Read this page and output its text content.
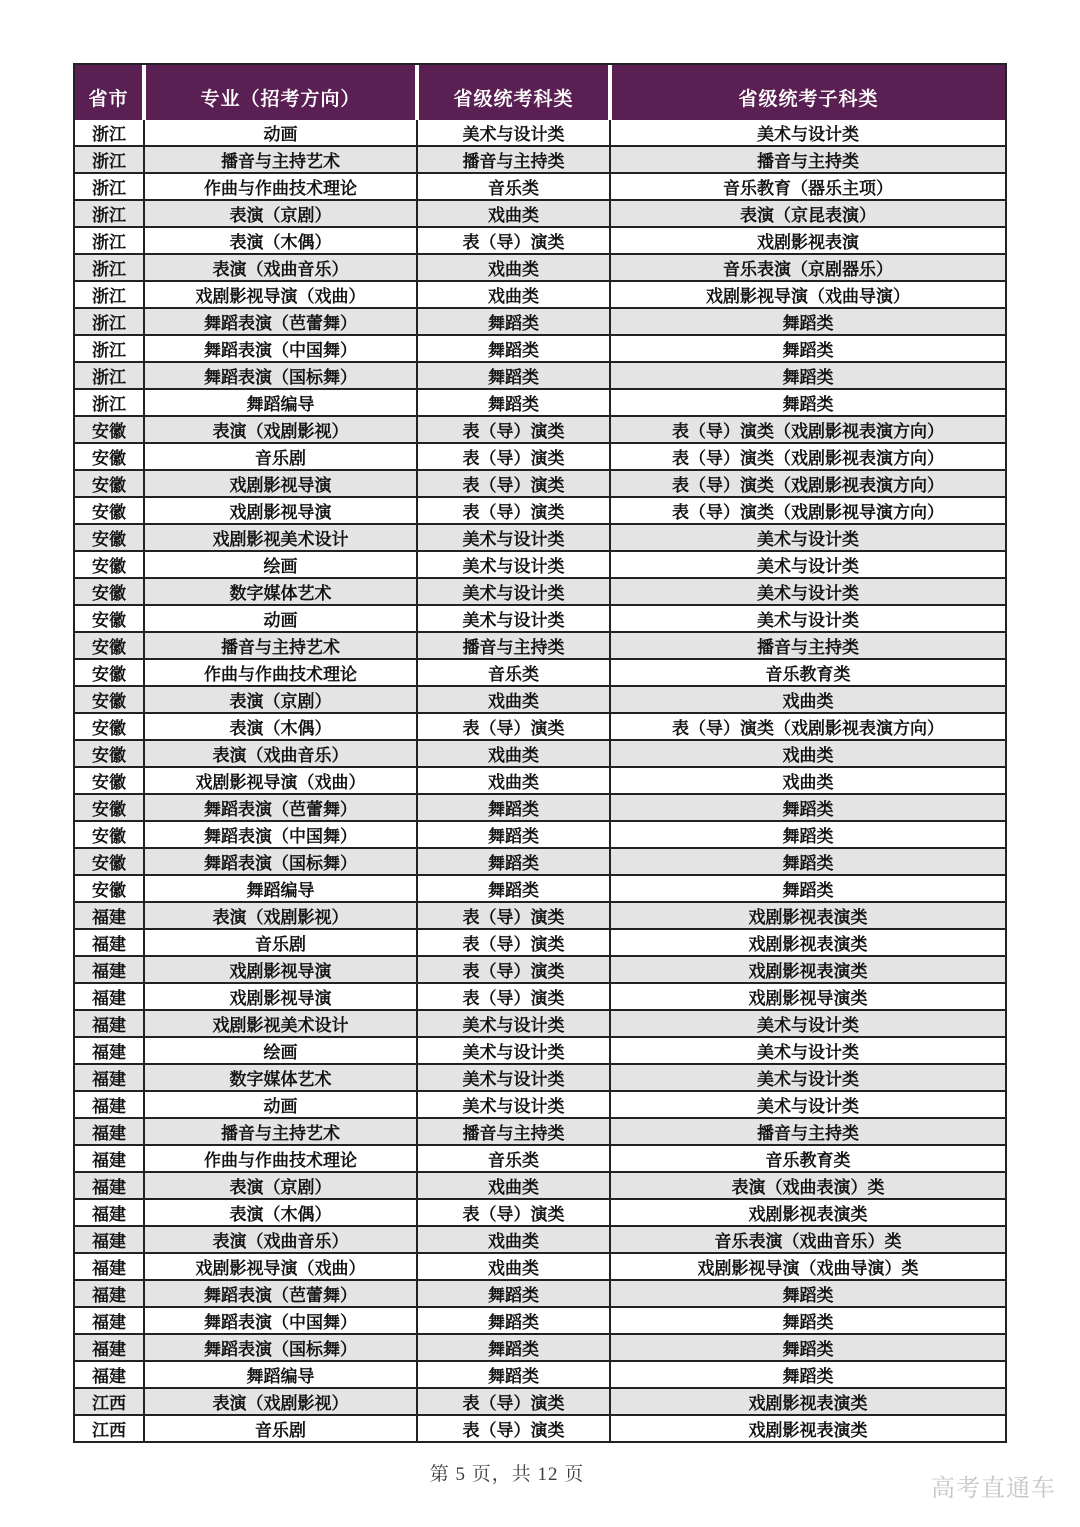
省市	专业（招考方向）	省级统考科类	省级统考子科类
浙江	动画	美术与设计类	美术与设计类
浙江	播音与主持艺术	播音与主持类	播音与主持类
浙江	作曲与作曲技术理论	音乐类	音乐教育（器乐主项）
浙江	表演（京剧）	戏曲类	表演（京昆表演）
浙江	表演（木偶）	表（导）演类	戏剧影视表演
浙江	表演（戏曲音乐）	戏曲类	音乐表演（京剧器乐）
浙江	戏剧影视导演（戏曲）	戏曲类	戏剧影视导演（戏曲导演）
浙江	舞蹈表演（芭蕾舞）	舞蹈类	舞蹈类
浙江	舞蹈表演（中国舞）	舞蹈类	舞蹈类
浙江	舞蹈表演（国标舞）	舞蹈类	舞蹈类
浙江	舞蹈编导	舞蹈类	舞蹈类
安徽	表演（戏剧影视）	表（导）演类	表（导）演类（戏剧影视表演方向）
安徽	音乐剧	表（导）演类	表（导）演类（戏剧影视表演方向）
安徽	戏剧影视导演	表（导）演类	表（导）演类（戏剧影视表演方向）
安徽	戏剧影视导演	表（导）演类	表（导）演类（戏剧影视导演方向）
安徽	戏剧影视美术设计	美术与设计类	美术与设计类
安徽	绘画	美术与设计类	美术与设计类
安徽	数字媒体艺术	美术与设计类	美术与设计类
安徽	动画	美术与设计类	美术与设计类
安徽	播音与主持艺术	播音与主持类	播音与主持类
安徽	作曲与作曲技术理论	音乐类	音乐教育类
安徽	表演（京剧）	戏曲类	戏曲类
安徽	表演（木偶）	表（导）演类	表（导）演类（戏剧影视表演方向）
安徽	表演（戏曲音乐）	戏曲类	戏曲类
安徽	戏剧影视导演（戏曲）	戏曲类	戏曲类
安徽	舞蹈表演（芭蕾舞）	舞蹈类	舞蹈类
安徽	舞蹈表演（中国舞）	舞蹈类	舞蹈类
安徽	舞蹈表演（国标舞）	舞蹈类	舞蹈类
安徽	舞蹈编导	舞蹈类	舞蹈类
福建	表演（戏剧影视）	表（导）演类	戏剧影视表演类
福建	音乐剧	表（导）演类	戏剧影视表演类
福建	戏剧影视导演	表（导）演类	戏剧影视表演类
福建	戏剧影视导演	表（导）演类	戏剧影视导演类
福建	戏剧影视美术设计	美术与设计类	美术与设计类
福建	绘画	美术与设计类	美术与设计类
福建	数字媒体艺术	美术与设计类	美术与设计类
福建	动画	美术与设计类	美术与设计类
福建	播音与主持艺术	播音与主持类	播音与主持类
福建	作曲与作曲技术理论	音乐类	音乐教育类
福建	表演（京剧）	戏曲类	表演（戏曲表演）类
福建	表演（木偶）	表（导）演类	戏剧影视表演类
福建	表演（戏曲音乐）	戏曲类	音乐表演（戏曲音乐）类
福建	戏剧影视导演（戏曲）	戏曲类	戏剧影视导演（戏曲导演）类
福建	舞蹈表演（芭蕾舞）	舞蹈类	舞蹈类
福建	舞蹈表演（中国舞）	舞蹈类	舞蹈类
福建	舞蹈表演（国标舞）	舞蹈类	舞蹈类
福建	舞蹈编导	舞蹈类	舞蹈类
江西	表演（戏剧影视）	表（导）演类	戏剧影视表演类
江西	音乐剧	表（导）演类	戏剧影视表演类
第 5 页，共 12 页
高考直通车
